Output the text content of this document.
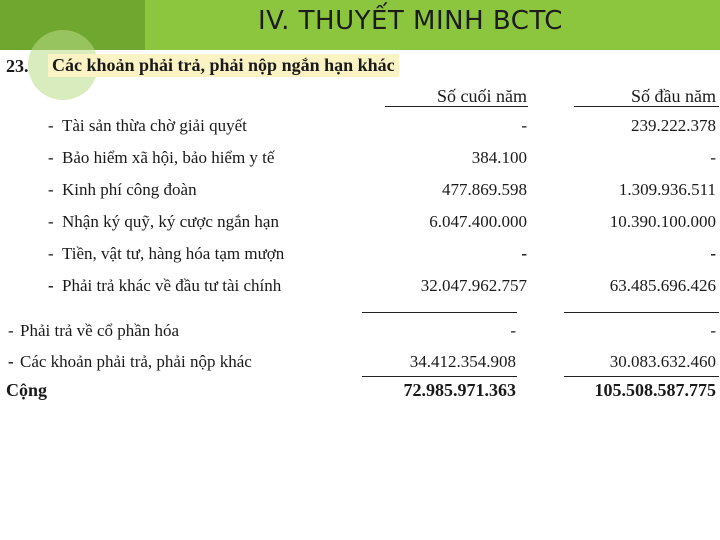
IV. THUYẾT MINH BCTC
23. Các khoản phải trả, phải nộp ngắn hạn khác
Số cuối năm	Số đầu năm
- Tài sản thừa chờ giải quyết	-	239.222.378
- Bảo hiểm xã hội, bảo hiểm y tế	384.100	-
- Kinh phí công đoàn	477.869.598	1.309.936.511
- Nhận ký quỹ, ký cược ngắn hạn	6.047.400.000	10.390.100.000
- Tiền, vật tư, hàng hóa tạm mượn	-	-
- Phải trả khác về đầu tư tài chính	32.047.962.757	63.485.696.426
- Phải trả về cổ phần hóa	-	-
- Các khoản phải trả, phải nộp khác	34.412.354.908	30.083.632.460
Cộng	72.985.971.363	105.508.587.775
